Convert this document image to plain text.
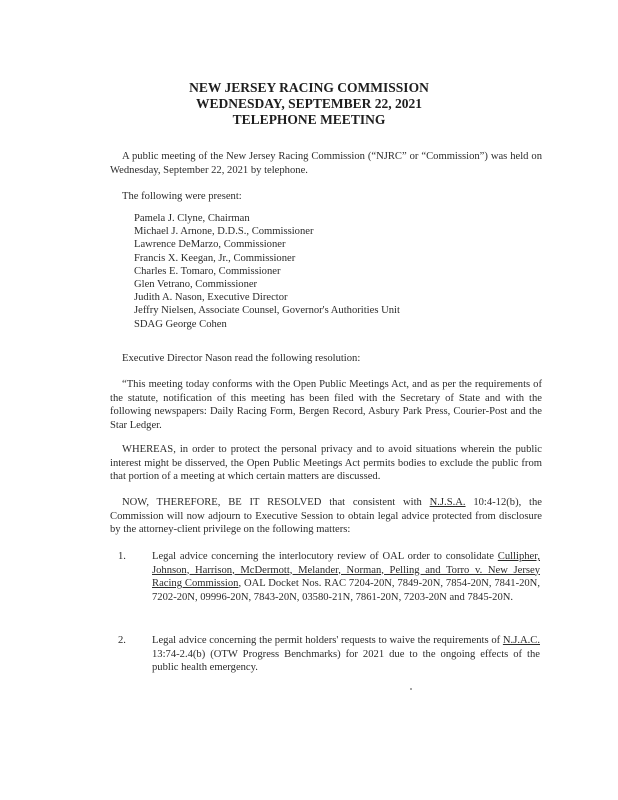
NEW JERSEY RACING COMMISSION
WEDNESDAY, SEPTEMBER 22, 2021
TELEPHONE MEETING
A public meeting of the New Jersey Racing Commission (“NJRC” or “Commission”) was held on Wednesday, September 22, 2021 by telephone.
The following were present:
Pamela J. Clyne, Chairman
Michael J. Arnone, D.D.S., Commissioner
Lawrence DeMarzo, Commissioner
Francis X. Keegan, Jr., Commissioner
Charles E. Tomaro, Commissioner
Glen Vetrano, Commissioner
Judith A. Nason, Executive Director
Jeffry Nielsen, Associate Counsel, Governor's Authorities Unit
SDAG George Cohen
Executive Director Nason read the following resolution:
“This meeting today conforms with the Open Public Meetings Act, and as per the requirements of the statute, notification of this meeting has been filed with the Secretary of State and with the following newspapers: Daily Racing Form, Bergen Record, Asbury Park Press, Courier-Post and the Star Ledger.
WHEREAS, in order to protect the personal privacy and to avoid situations wherein the public interest might be disserved, the Open Public Meetings Act permits bodies to exclude the public from that portion of a meeting at which certain matters are discussed.
NOW, THEREFORE, BE IT RESOLVED that consistent with N.J.S.A. 10:4-12(b), the Commission will now adjourn to Executive Session to obtain legal advice protected from disclosure by the attorney-client privilege on the following matters:
1. Legal advice concerning the interlocutory review of OAL order to consolidate Cullipher, Johnson, Harrison, McDermott, Melander, Norman, Pelling and Torro v. New Jersey Racing Commission, OAL Docket Nos. RAC 7204-20N, 7849-20N, 7854-20N, 7841-20N, 7202-20N, 09996-20N, 7843-20N, 03580-21N, 7861-20N, 7203-20N and 7845-20N.
2. Legal advice concerning the permit holders' requests to waive the requirements of N.J.A.C. 13:74-2.4(b) (OTW Progress Benchmarks) for 2021 due to the ongoing effects of the public health emergency.
